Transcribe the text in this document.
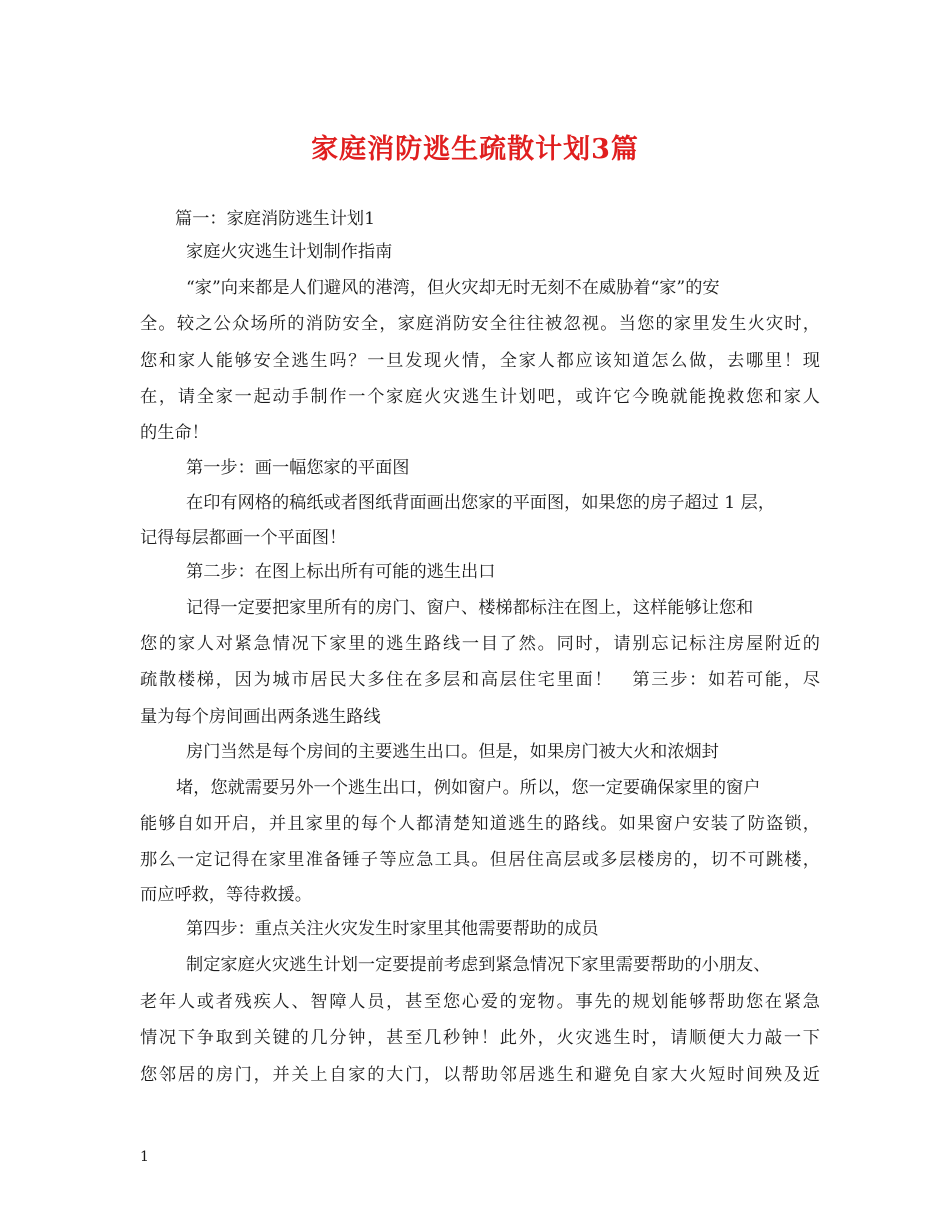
家庭消防逃生疏散计划3篇

篇一：家庭消防逃生计划1

家庭火灾逃生计划制作指南

“家”向来都是人们避风的港湾，但火灾却无时无刻不在威胁着“家”的安

全。较之公众场所的消防安全，家庭消防安全往往被忽视。当您的家里发生火灾时，

您和家人能够安全逃生吗？一旦发现火情，全家人都应该知道怎么做，去哪里！现

在，请全家一起动手制作一个家庭火灾逃生计划吧，或许它今晚就能挽救您和家人

的生命！

第一步：画一幅您家的平面图

在印有网格的稿纸或者图纸背面画出您家的平面图，如果您的房子超过 1 层，

记得每层都画一个平面图！

第二步：在图上标出所有可能的逃生出口

记得一定要把家里所有的房门、窗户、楼梯都标注在图上，这样能够让您和

您的家人对紧急情况下家里的逃生路线一目了然。同时，请别忘记标注房屋附近的

疏散楼梯，因为城市居民大多住在多层和高层住宅里面！　第三步：如若可能，尽

量为每个房间画出两条逃生路线

房门当然是每个房间的主要逃生出口。但是，如果房门被大火和浓烟封

堵，您就需要另外一个逃生出口，例如窗户。所以，您一定要确保家里的窗户

能够自如开启，并且家里的每个人都清楚知道逃生的路线。如果窗户安装了防盗锁，

那么一定记得在家里准备锤子等应急工具。但居住高层或多层楼房的，切不可跳楼，

而应呼救，等待救援。

第四步：重点关注火灾发生时家里其他需要帮助的成员

制定家庭火灾逃生计划一定要提前考虑到紧急情况下家里需要帮助的小朋友、

老年人或者残疾人、智障人员，甚至您心爱的宠物。事先的规划能够帮助您在紧急

情况下争取到关键的几分钟，甚至几秒钟！此外，火灾逃生时，请顺便大力敲一下

您邻居的房门，并关上自家的大门，以帮助邻居逃生和避免自家大火短时间殃及近

1
